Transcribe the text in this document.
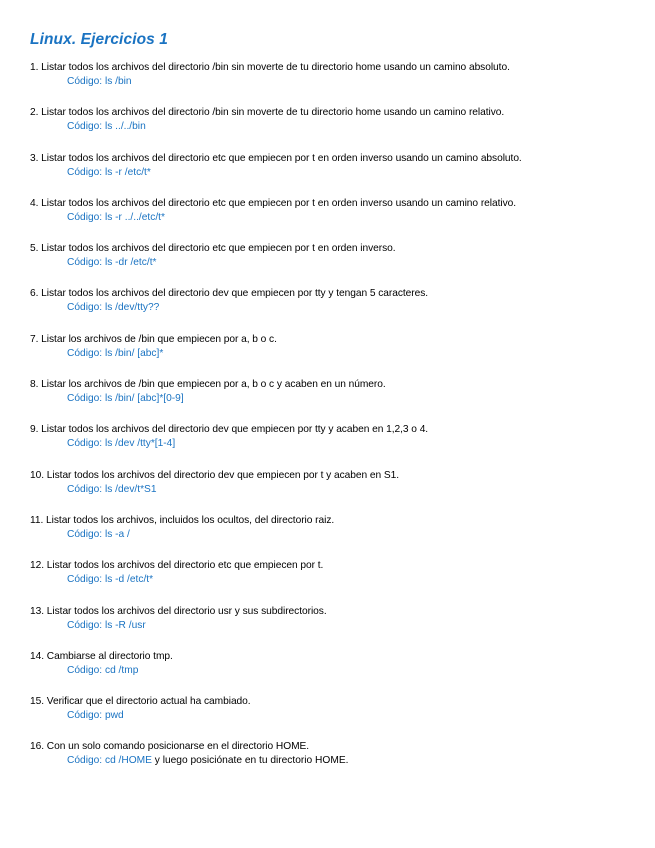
Linux. Ejercicios 1
1. Listar todos los archivos del directorio /bin sin moverte de tu directorio home usando un camino absoluto.
Código: ls /bin
2. Listar todos los archivos del directorio /bin sin moverte de tu directorio home usando un camino relativo.
Código: ls ../../bin
3. Listar todos los archivos del directorio etc que empiecen por t en orden inverso usando un camino absoluto.
Código: ls -r /etc/t*
4. Listar todos los archivos del directorio etc que empiecen por t en orden inverso usando un camino relativo.
Código: ls -r ../../etc/t*
5. Listar todos los archivos del directorio etc que empiecen por t en orden inverso.
Código: ls -dr /etc/t*
6. Listar todos los archivos del directorio dev que empiecen por tty y tengan 5 caracteres.
Código: ls /dev/tty??
7. Listar los archivos de /bin que empiecen por a, b o c.
Código: ls /bin/ [abc]*
8. Listar los archivos de /bin que empiecen por a, b o c y acaben en un número.
Código: ls /bin/ [abc]*[0-9]
9. Listar todos los archivos del directorio dev que empiecen por tty y acaben en 1,2,3 o 4.
Código: ls /dev /tty*[1-4]
10. Listar todos los archivos del directorio dev que empiecen por t y acaben en S1.
Código: ls /dev/t*S1
11. Listar todos los archivos, incluidos los ocultos, del directorio raiz.
Código: ls -a /
12. Listar todos los archivos del directorio etc que empiecen por t.
Código: ls -d /etc/t*
13. Listar todos los archivos del directorio usr y sus subdirectorios.
Código: ls -R /usr
14. Cambiarse al directorio tmp.
Código: cd /tmp
15. Verificar que el directorio actual ha cambiado.
Código: pwd
16. Con un solo comando posicionarse en el directorio HOME.
Código: cd /HOME y luego posiciónate en tu directorio HOME.
